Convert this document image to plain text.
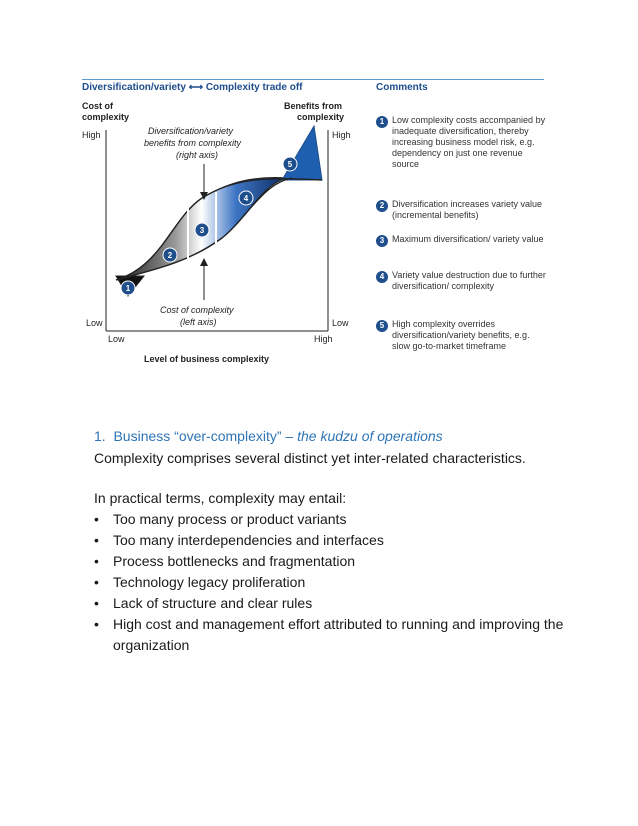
Diversification/variety ⟷ Complexity trade off	Comments
Cost of
complexity
Benefits from
complexity
High	High
Low	Low
Low	High
Level of business complexity
Diversification/variety
benefits from complexity
(right axis)
Cost of complexity
(left axis)
1
2
3
4
5
1 Low complexity costs accompanied by inadequate diversification, thereby increasing business model risk, e.g. dependency on just one revenue source
2 Diversification increases variety value (incremental benefits)
3 Maximum diversification/ variety value
4 Variety value destruction due to further diversification/ complexity
5 High complexity overrides diversification/variety benefits, e.g. slow go-to-market timeframe
1. Business “over-complexity” – the kudzu of operations
Complexity comprises several distinct yet inter-related characteristics.
In practical terms, complexity may entail:
• Too many process or product variants
• Too many interdependencies and interfaces
• Process bottlenecks and fragmentation
• Technology legacy proliferation
• Lack of structure and clear rules
• High cost and management effort attributed to running and improving the organization
